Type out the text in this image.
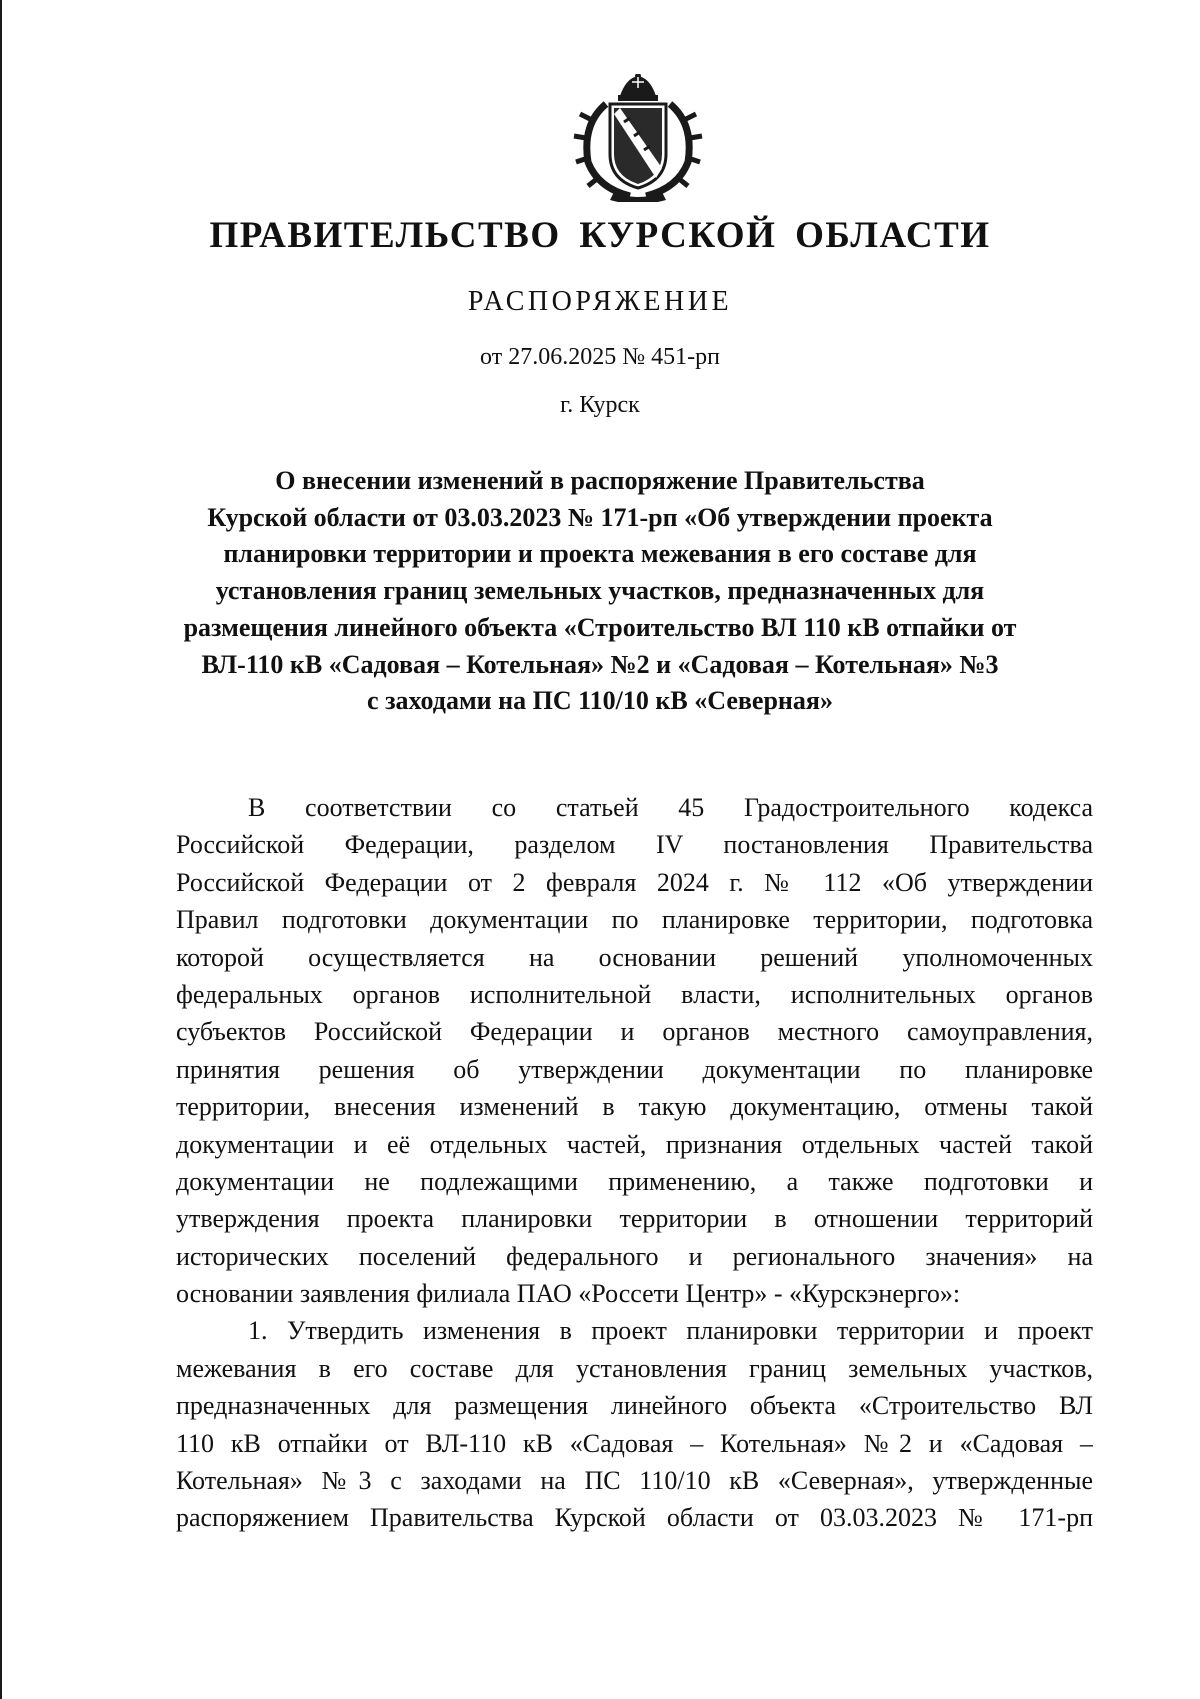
ПРАВИТЕЛЬСТВО КУРСКОЙ ОБЛАСТИ
РАСПОРЯЖЕНИЕ
от 27.06.2025 № 451-рп
г. Курск
О внесении изменений в распоряжение Правительства
Курской области от 03.03.2023 № 171-рп «Об утверждении проекта
планировки территории и проекта межевания в его составе для
установления границ земельных участков, предназначенных для
размещения линейного объекта «Строительство ВЛ 110 кВ отпайки от
ВЛ-110 кВ «Садовая – Котельная» №2 и «Садовая – Котельная» №3
с заходами на ПС 110/10 кВ «Северная»
В соответствии со статьей 45 Градостроительного кодекса
Российской Федерации, разделом IV постановления Правительства
Российской Федерации от 2 февраля 2024 г. № 112 «Об утверждении
Правил подготовки документации по планировке территории, подготовка
которой осуществляется на основании решений уполномоченных
федеральных органов исполнительной власти, исполнительных органов
субъектов Российской Федерации и органов местного самоуправления,
принятия решения об утверждении документации по планировке
территории, внесения изменений в такую документацию, отмены такой
документации и её отдельных частей, признания отдельных частей такой
документации не подлежащими применению, а также подготовки и
утверждения проекта планировки территории в отношении территорий
исторических поселений федерального и регионального значения» на
основании заявления филиала ПАО «Россети Центр» - «Курскэнерго»:
1. Утвердить изменения в проект планировки территории и проект
межевания в его составе для установления границ земельных участков,
предназначенных для размещения линейного объекта «Строительство ВЛ
110 кВ отпайки от ВЛ-110 кВ «Садовая – Котельная» №2 и «Садовая –
Котельная» №3 с заходами на ПС 110/10 кВ «Северная», утвержденные
распоряжением Правительства Курской области от 03.03.2023 № 171-рп
